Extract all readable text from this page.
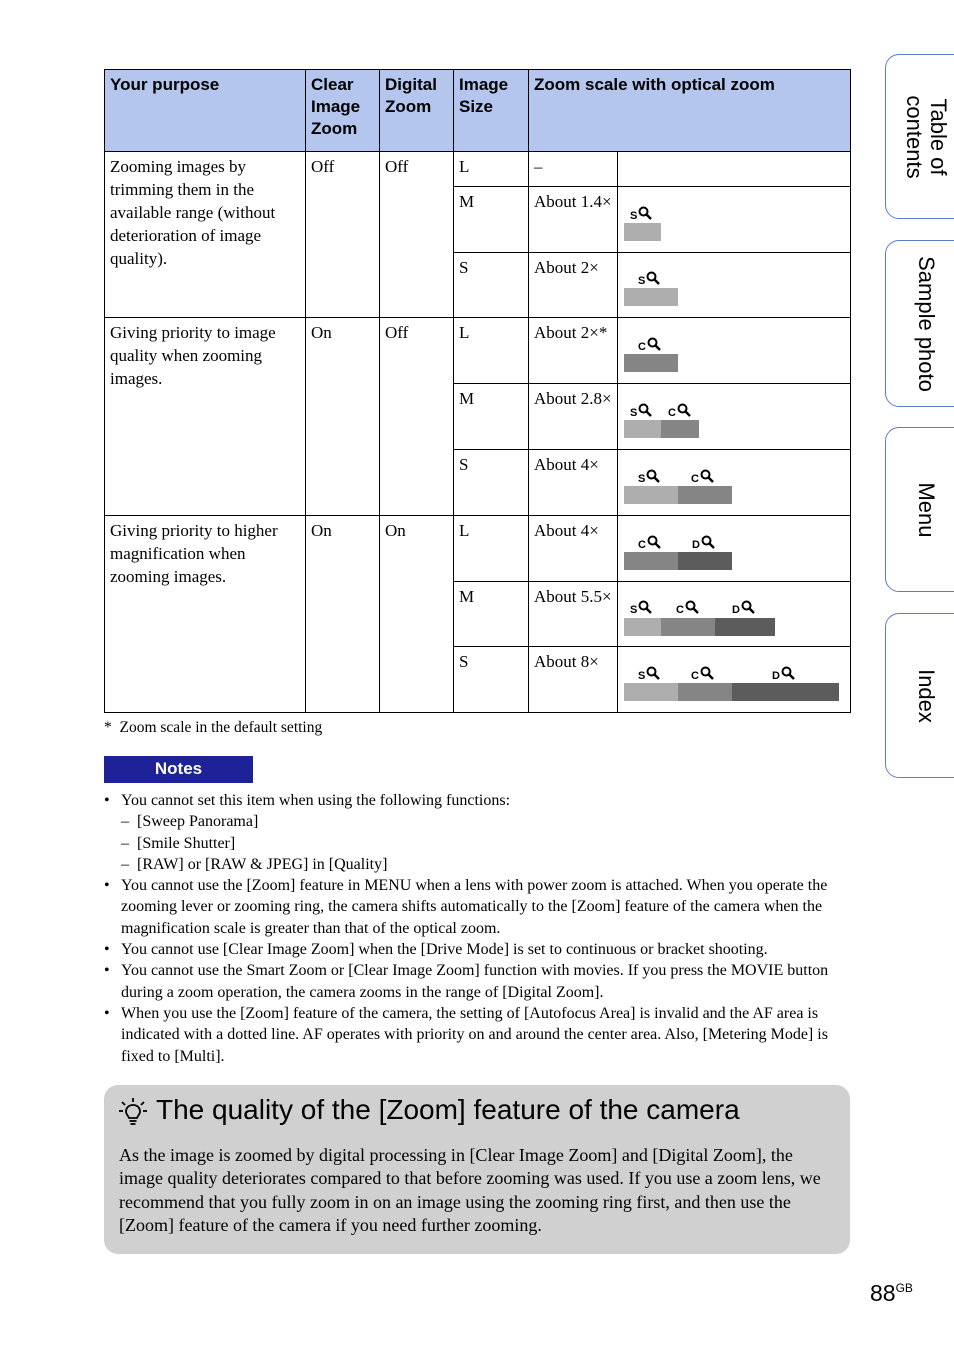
Your purpose	Clear Image Zoom	Digital Zoom	Image Size	Zoom scale with optical zoom	
Zooming images by trimming them in the available range (without deterioration of image quality).	Off	Off	L	–	
			M	About 1.4×	S

			S	About 2×	S

Giving priority to image quality when zooming images.	On	Off	L	About 2×*	C

			M	About 2.8×	S C

			S	About 4×	S C

Giving priority to higher magnification when zooming images.	On	On	L	About 4×	C D

			M	About 5.5×	S C D

			S	About 8×	S C D
* Zoom scale in the default setting
Notes
• You cannot set this item when using the following functions:
– [Sweep Panorama]
– [Smile Shutter]
– [RAW] or [RAW & JPEG] in [Quality]
• You cannot use the [Zoom] feature in MENU when a lens with power zoom is attached. When you operate the zooming lever or zooming ring, the camera shifts automatically to the [Zoom] feature of the camera when the magnification scale is greater than that of the optical zoom.
• You cannot use [Clear Image Zoom] when the [Drive Mode] is set to continuous or bracket shooting.
• You cannot use the Smart Zoom or [Clear Image Zoom] function with movies. If you press the MOVIE button during a zoom operation, the camera zooms in the range of [Digital Zoom].
• When you use the [Zoom] feature of the camera, the setting of [Autofocus Area] is invalid and the AF area is indicated with a dotted line. AF operates with priority on and around the center area. Also, [Metering Mode] is fixed to [Multi].
The quality of the [Zoom] feature of the camera
As the image is zoomed by digital processing in [Clear Image Zoom] and [Digital Zoom], the image quality deteriorates compared to that before zooming was used. If you use a zoom lens, we recommend that you fully zoom in on an image using the zooming ring first, and then use the [Zoom] feature of the camera if you need further zooming.
Table of contents
Sample photo
Menu
Index
$88^{GB}$
